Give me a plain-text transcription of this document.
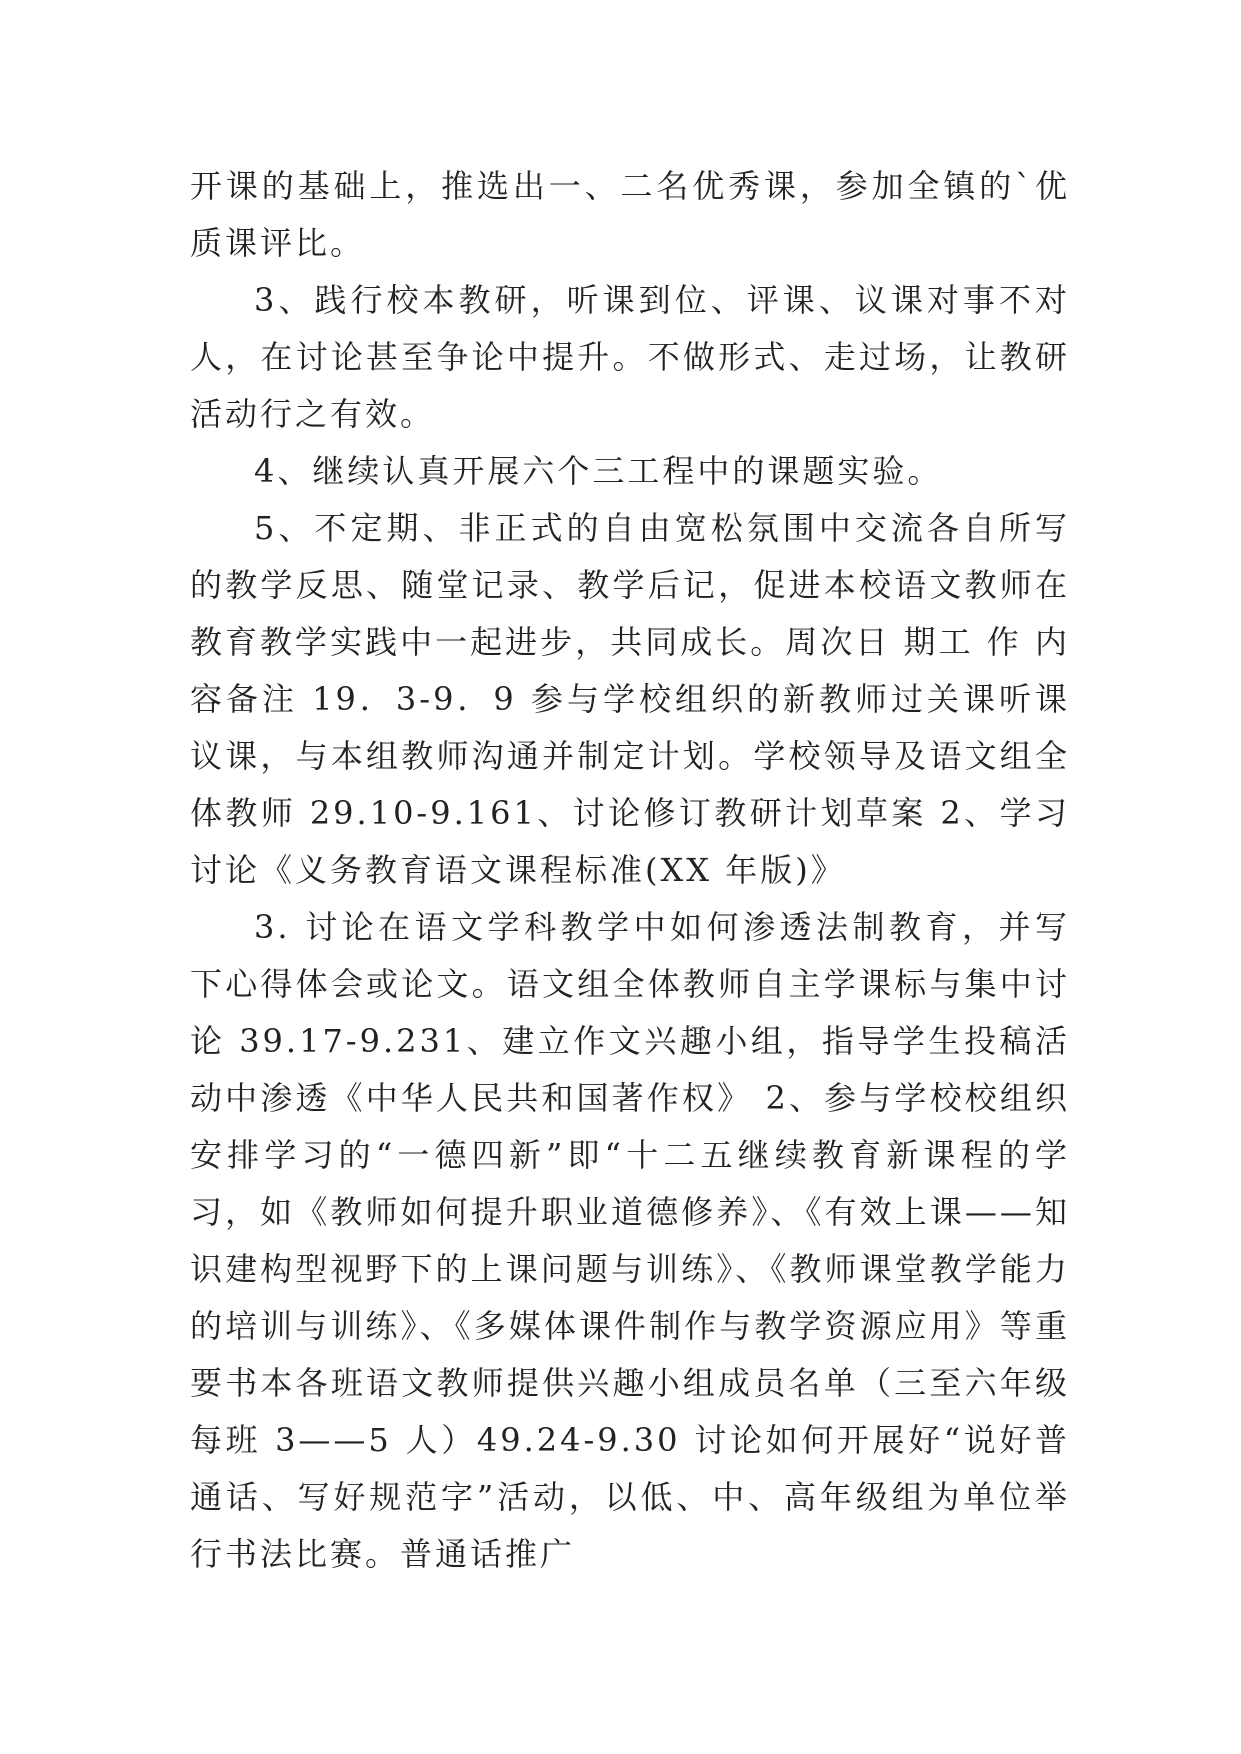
开课的基础上，推选出一、二名优秀课，参加全镇的`优质课评比。

3、践行校本教研，听课到位、评课、议课对事不对人，在讨论甚至争论中提升。不做形式、走过场，让教研活动行之有效。

4、继续认真开展六个三工程中的课题实验。

5、不定期、非正式的自由宽松氛围中交流各自所写的教学反思、随堂记录、教学后记，促进本校语文教师在教育教学实践中一起进步，共同成长。周次日 期工 作 内 容备注 19．3-9．9 参与学校组织的新教师过关课听课议课，与本组教师沟通并制定计划。学校领导及语文组全体教师 29.10-9.161、讨论修订教研计划草案 2、学习讨论《义务教育语文课程标准(XX 年版)》

3. 讨论在语文学科教学中如何渗透法制教育，并写下心得体会或论文。语文组全体教师自主学课标与集中讨论 39.17-9.231、建立作文兴趣小组，指导学生投稿活动中渗透《中华人民共和国著作权》 2、参与学校校组织安排学习的“一德四新”即“十二五继续教育新课程的学习，如《教师如何提升职业道德修养》、《有效上课——知识建构型视野下的上课问题与训练》、《教师课堂教学能力的培训与训练》、《多媒体课件制作与教学资源应用》等重要书本各班语文教师提供兴趣小组成员名单（三至六年级每班 3——5 人）49.24-9.30 讨论如何开展好“说好普通话、写好规范字”活动，以低、中、高年级组为单位举行书法比赛。普通话推广
